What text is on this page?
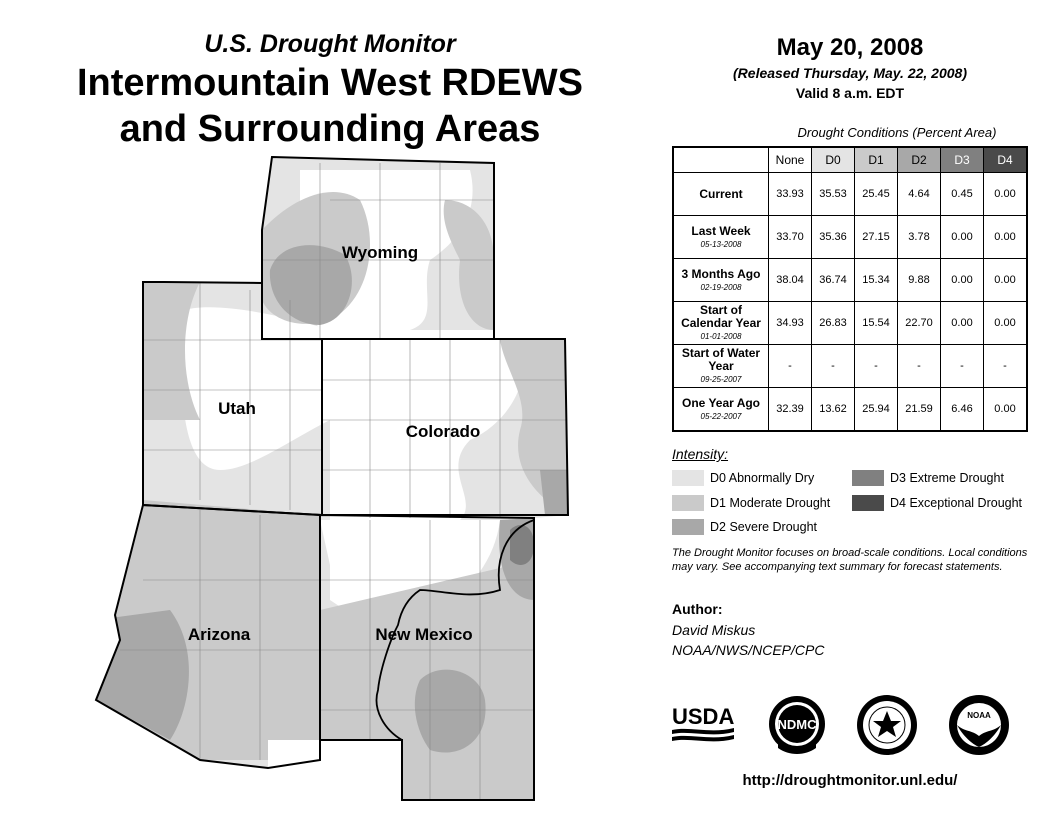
U.S. Drought Monitor
Intermountain West RDEWS
and Surrounding Areas
Wyoming
Utah
Colorado
Arizona	New Mexico
May 20, 2008
(Released Thursday, May. 22, 2008)
Valid 8 a.m. EDT
Drought Conditions (Percent Area)
	None	D0	D1	D2	D3	D4
Current	33.93	35.53	25.45	4.64	0.45	0.00
Last Week
05-13-2008	33.70	35.36	27.15	3.78	0.00	0.00
3 Months Ago
02-19-2008	38.04	36.74	15.34	9.88	0.00	0.00
Start of Calendar Year
01-01-2008	34.93	26.83	15.54	22.70	0.00	0.00
Start of Water Year
09-25-2007	-	-	-	-	-	-
One Year Ago
05-22-2007	32.39	13.62	25.94	21.59	6.46	0.00
Intensity:
D0 Abnormally Dry
D1 Moderate Drought
D2 Severe Drought
D3 Extreme Drought
D4 Exceptional Drought
The Drought Monitor focuses on broad-scale conditions. Local conditions may vary. See accompanying text summary for forecast statements.
Author:
David Miskus
NOAA/NWS/NCEP/CPC
USDA	NDMC
NOAA
http://droughtmonitor.unl.edu/
